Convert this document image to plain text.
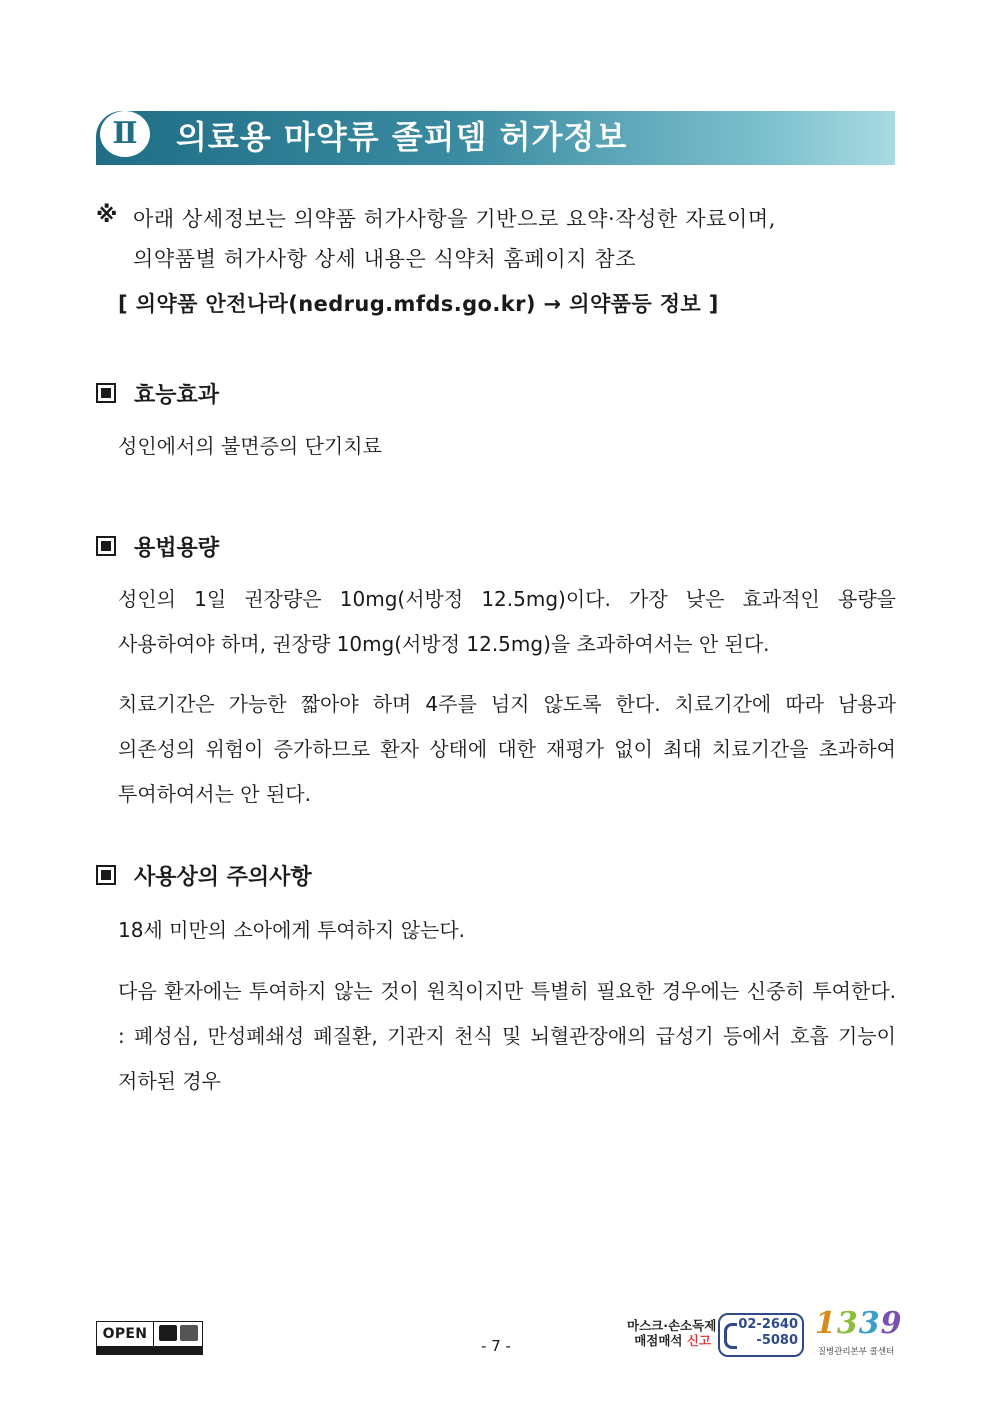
Ⅱ	의료용 마약류 졸피뎀 허가정보
※ 아래 상세정보는 의약품 허가사항을 기반으로 요약·작성한 자료이며,
의약품별 허가사항 상세 내용은 식약처 홈페이지 참조
[ 의약품 안전나라(nedrug.mfds.go.kr) → 의약품등 정보 ]
효능효과
성인에서의 불면증의 단기치료
용법용량
성인의 1일 권장량은 10mg(서방정 12.5mg)이다. 가장 낮은 효과적인 용량을 사용하여야 하며, 권장량 10mg(서방정 12.5mg)을 초과하여서는 안 된다.
치료기간은 가능한 짧아야 하며 4주를 넘지 않도록 한다. 치료기간에 따라 남용과 의존성의 위험이 증가하므로 환자 상태에 대한 재평가 없이 최대 치료기간을 초과하여 투여하여서는 안 된다.
사용상의 주의사항
18세 미만의 소아에게 투여하지 않는다.
다음 환자에는 투여하지 않는 것이 원칙이지만 특별히 필요한 경우에는 신중히 투여한다. : 폐성심, 만성폐쇄성 폐질환, 기관지 천식 및 뇌혈관장애의 급성기 등에서 호흡 기능이 저하된 경우
OPEN
- 7 -
마스크·손소독제
매점매석 신고
02-2640
-5080 1339
질병관리본부 콜센터
